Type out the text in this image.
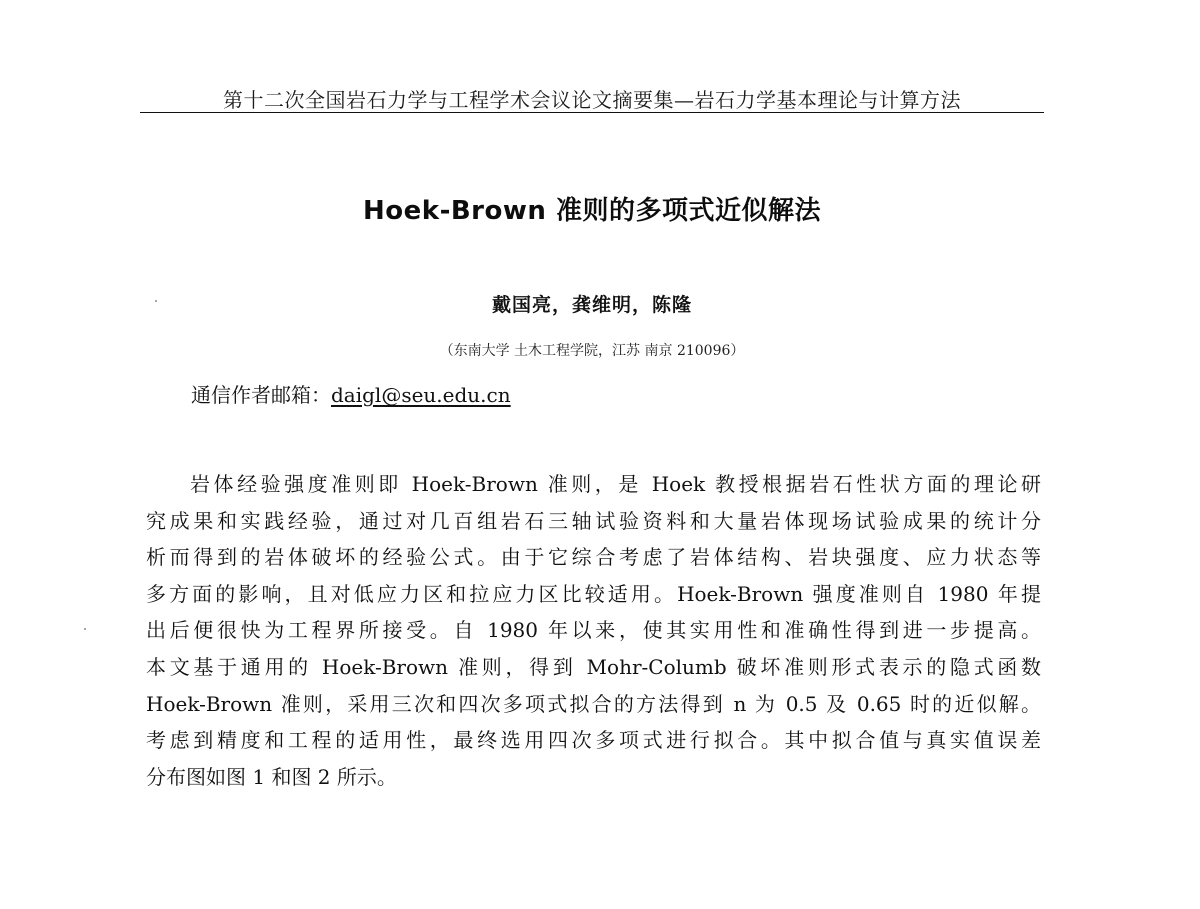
第十二次全国岩石力学与工程学术会议论文摘要集—岩石力学基本理论与计算方法
Hoek-Brown 准则的多项式近似解法
戴国亮，龚维明，陈隆
（东南大学 土木工程学院，江苏 南京 210096）
通信作者邮箱：daigl@seu.edu.cn
岩体经验强度准则即 Hoek-Brown 准则，是 Hoek 教授根据岩石性状方面的理论研
究成果和实践经验，通过对几百组岩石三轴试验资料和大量岩体现场试验成果的统计分
析而得到的岩体破坏的经验公式。由于它综合考虑了岩体结构、岩块强度、应力状态等
多方面的影响，且对低应力区和拉应力区比较适用。Hoek-Brown 强度准则自 1980 年提
出后便很快为工程界所接受。自 1980 年以来，使其实用性和准确性得到进一步提高。
本文基于通用的 Hoek-Brown 准则，得到 Mohr-Columb 破坏准则形式表示的隐式函数
Hoek-Brown 准则，采用三次和四次多项式拟合的方法得到 n 为 0.5 及 0.65 时的近似解。
考虑到精度和工程的适用性，最终选用四次多项式进行拟合。其中拟合值与真实值误差
分布图如图 1 和图 2 所示。
